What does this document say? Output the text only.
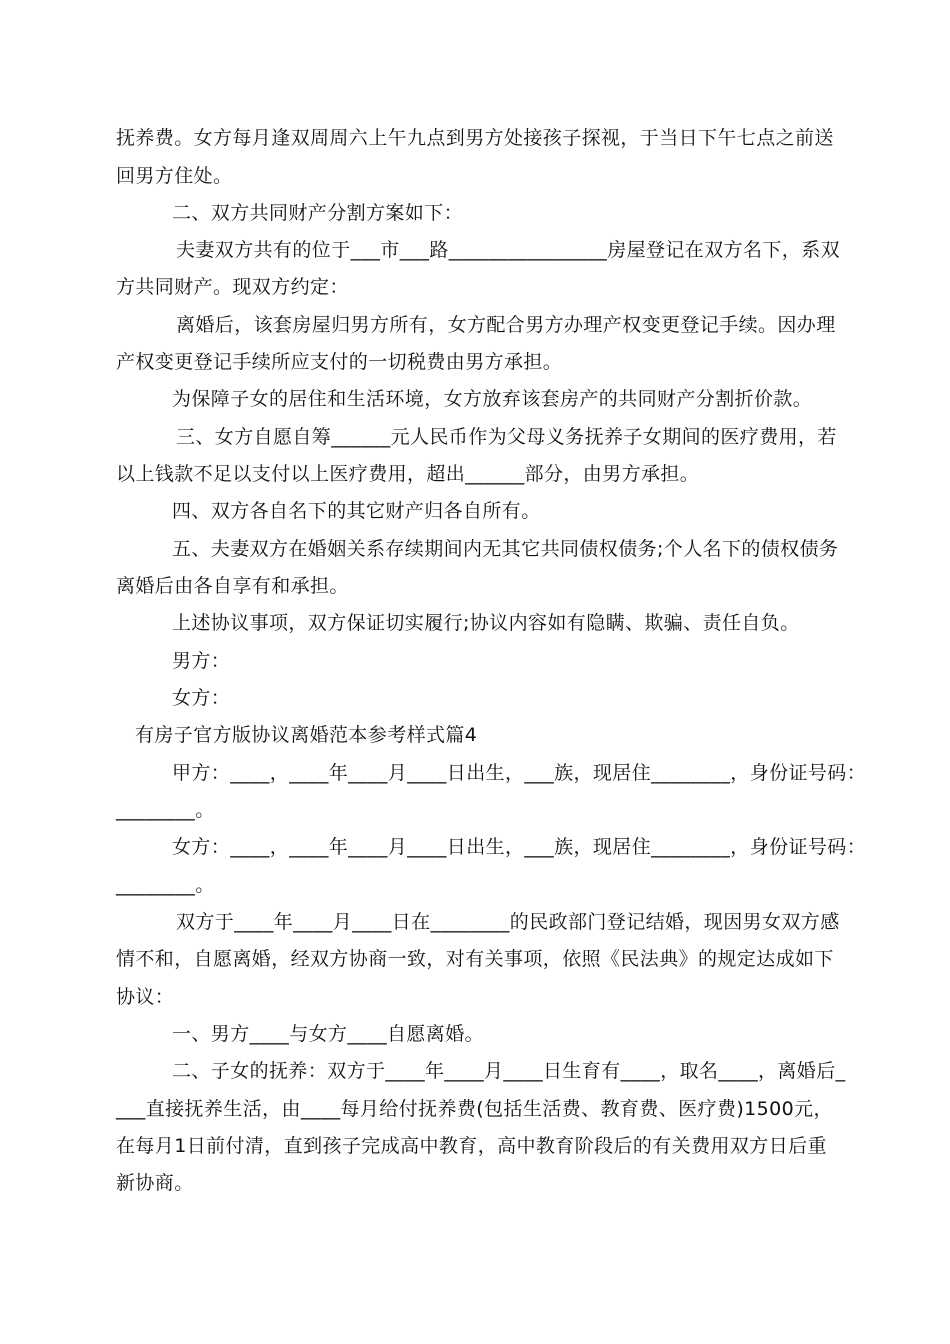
抚养费。女方每月逢双周周六上午九点到男方处接孩子探视，于当日下午七点之前送
回男方住处。
二、双方共同财产分割方案如下：
夫妻双方共有的位于___市___路________________房屋登记在双方名下，系双
方共同财产。现双方约定：
离婚后，该套房屋归男方所有，女方配合男方办理产权变更登记手续。因办理
产权变更登记手续所应支付的一切税费由男方承担。
为保障子女的居住和生活环境，女方放弃该套房产的共同财产分割折价款。
三、女方自愿自筹______元人民币作为父母义务抚养子女期间的医疗费用，若
以上钱款不足以支付以上医疗费用，超出______部分，由男方承担。
四、双方各自名下的其它财产归各自所有。
五、夫妻双方在婚姻关系存续期间内无其它共同债权债务;个人名下的债权债务
离婚后由各自享有和承担。
上述协议事项，双方保证切实履行;协议内容如有隐瞒、欺骗、责任自负。
男方：
女方：
有房子官方版协议离婚范本参考样式篇4
甲方：____，____年____月____日出生，___族，现居住________，身份证号码：
________。
女方：____，____年____月____日出生，___族，现居住________，身份证号码：
________。
双方于____年____月____日在________的民政部门登记结婚，现因男女双方感
情不和，自愿离婚，经双方协商一致，对有关事项，依照《民法典》的规定达成如下
协议：
一、男方____与女方____自愿离婚。
二、子女的抚养：双方于____年____月____日生育有____，取名____，离婚后_
___直接抚养生活，由____每月给付抚养费(包括生活费、教育费、医疗费)1500元，
在每月1日前付清，直到孩子完成高中教育，高中教育阶段后的有关费用双方日后重
新协商。
